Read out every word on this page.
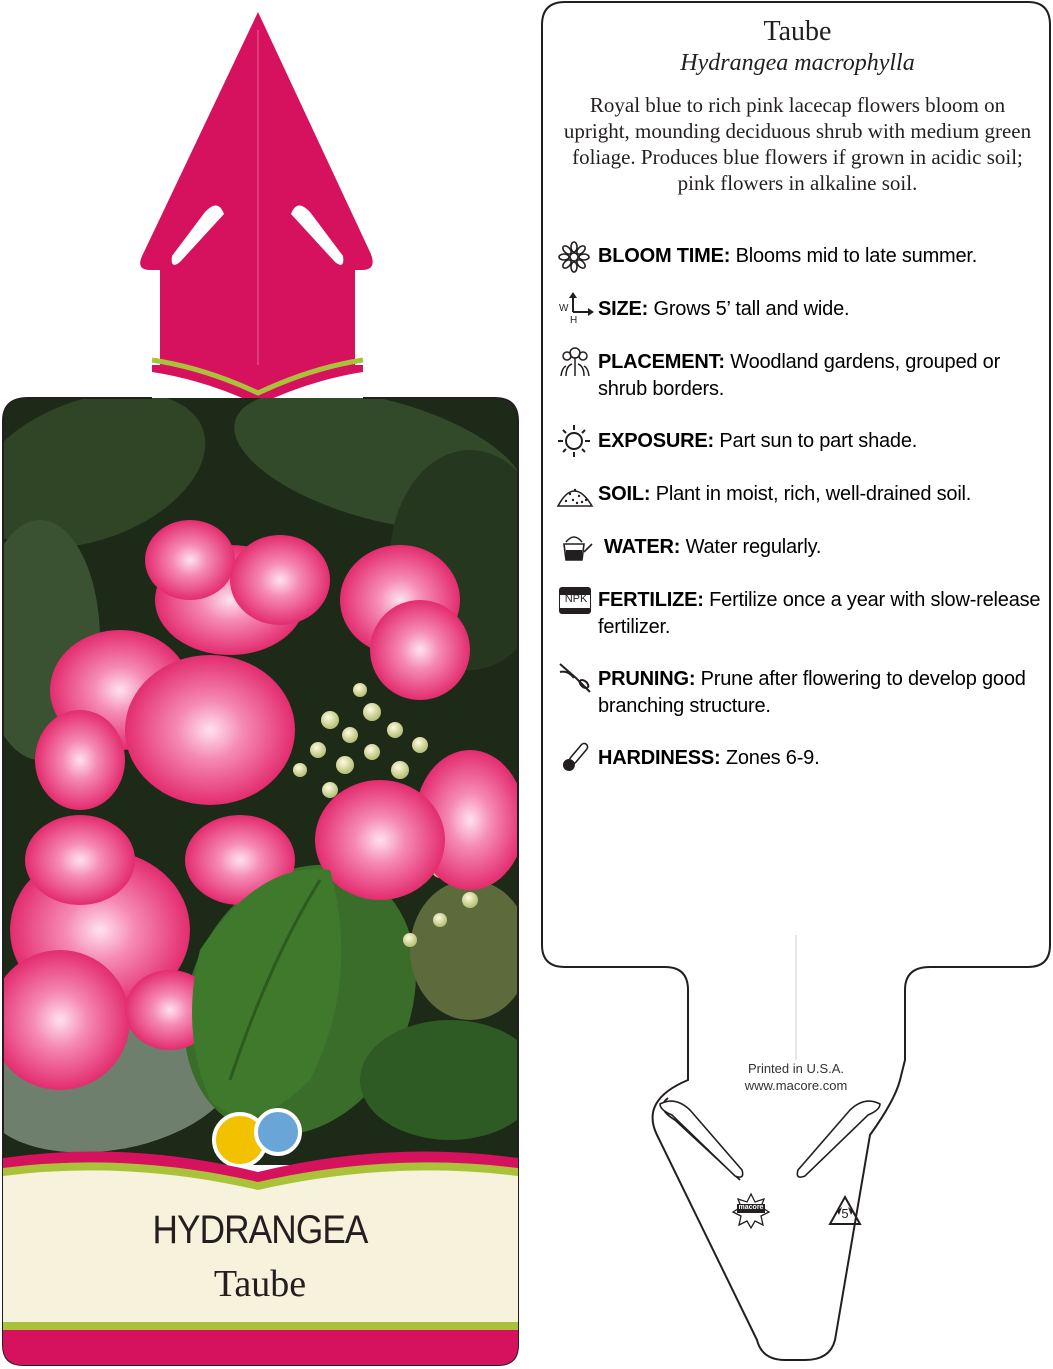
HYDRANGEA
Taube
macore	5
Taube
Hydrangea macrophylla
Royal blue to rich pink lacecap flowers bloom on upright, mounding deciduous shrub with medium green foliage. Produces blue flowers if grown in acidic soil; pink flowers in alkaline soil.
BLOOM TIME: Blooms mid to late summer.
W
H
SIZE: Grows 5’ tall and wide.
PLACEMENT: Woodland gardens, grouped or shrub borders.
EXPOSURE: Part sun to part shade.
SOIL: Plant in moist, rich, well-drained soil.
WATER: Water regularly.
NPK FERTILIZE: Fertilize once a year with slow-release fertilizer.
PRUNING: Prune after flowering to develop good branching structure.
HARDINESS: Zones 6-9.
Printed in U.S.A.
www.macore.com
